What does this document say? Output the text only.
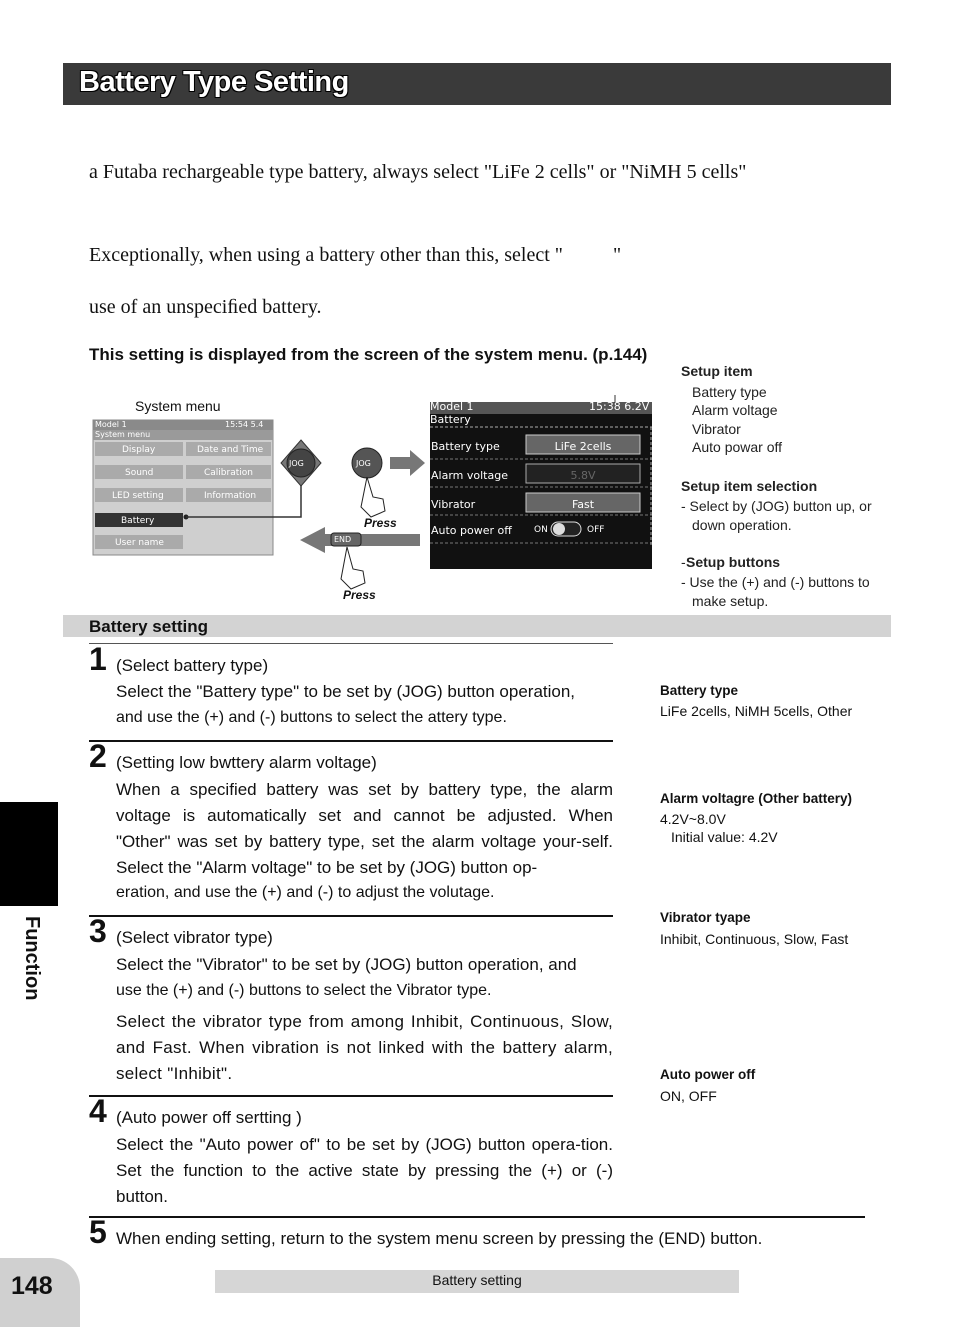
Battery Type Setting
a Futaba rechargeable type battery, always select "LiFe 2 cells" or "NiMH 5 cells"
Exceptionally, when using a battery other than this, select "          "
use of an unspeciﬁed battery.
This setting is displayed from the screen of the system menu. (p.144)
System menu
Model 1	15:54 5.4
System menu
Display	Date and Time
Sound	Calibration
LED setting	Information
Battery
User name
JOG	JOG
END
Press
Press
Model 1	15:38 6.2V
Battery
Battery type	LiFe 2cells
Alarm voltage	5.8V
Vibrator	Fast
Auto power off ON	OFF
Setup item
Battery type
Alarm voltage
Vibrator
Auto powar off
Setup item selection
- Select by (JOG) button up, or
down operation.
- Setup buttons
- Use the (+) and (-) buttons to
make setup.
Battery setting
1 (Select battery type)
Select the "Battery type" to be set by (JOG) button operation,
and use the (+) and (-) buttons to select the attery type.
2 (Setting low bwttery alarm voltage)
When a speciﬁed battery was set by battery type, the alarm voltage is automatically set and cannot be adjusted. When "Other" was set by battery type, set the alarm voltage your-self. Select the "Alarm voltage" to be set by (JOG) button op-
eration, and use the (+) and (-) to adjust the volutage.
3 (Select vibrator type)
Select the "Vibrator" to be set by (JOG) button operation, and
use the (+) and (-) buttons to select the Vibrator type.
Select the vibrator type from among Inhibit, Continuous, Slow, and Fast. When vibration is not linked with the battery alarm, select "Inhibit".
4 (Auto power off sertting )
Select the "Auto power of" to be set by (JOG) button opera-tion. Set the function to the active state by pressing the (+) or (-) button.
5 When ending setting, return to the system menu screen by pressing the (END) button.
Battery type
LiFe 2cells, NiMH 5cells, Other
Alarm voltagre (Other battery)
4.2V~8.0V
Initial value: 4.2V
Vibrator tyape
Inhibit, Continuous, Slow, Fast
Auto power off
ON, OFF
Function
148	Battery setting
